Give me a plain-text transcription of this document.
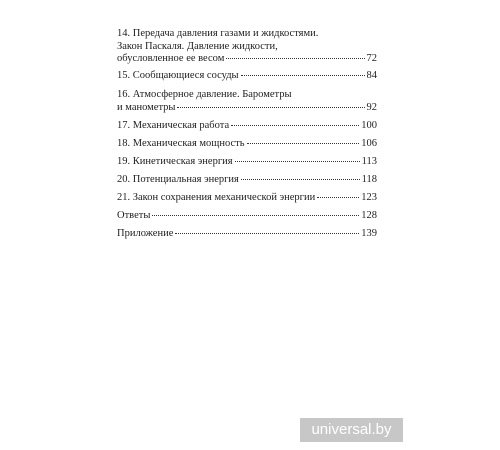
14. Передача давления газами и жидкостями.
Закон Паскаля. Давление жидкости,
обусловленное ее весом	72
15. Сообщающиеся сосуды	84
16. Атмосферное давление. Барометры
и манометры	92
17. Механическая работа	100
18. Механическая мощность	106
19. Кинетическая энергия	113
20. Потенциальная энергия	118
21. Закон сохранения механической энергии	123
Ответы	128
Приложение	139
universal.by
